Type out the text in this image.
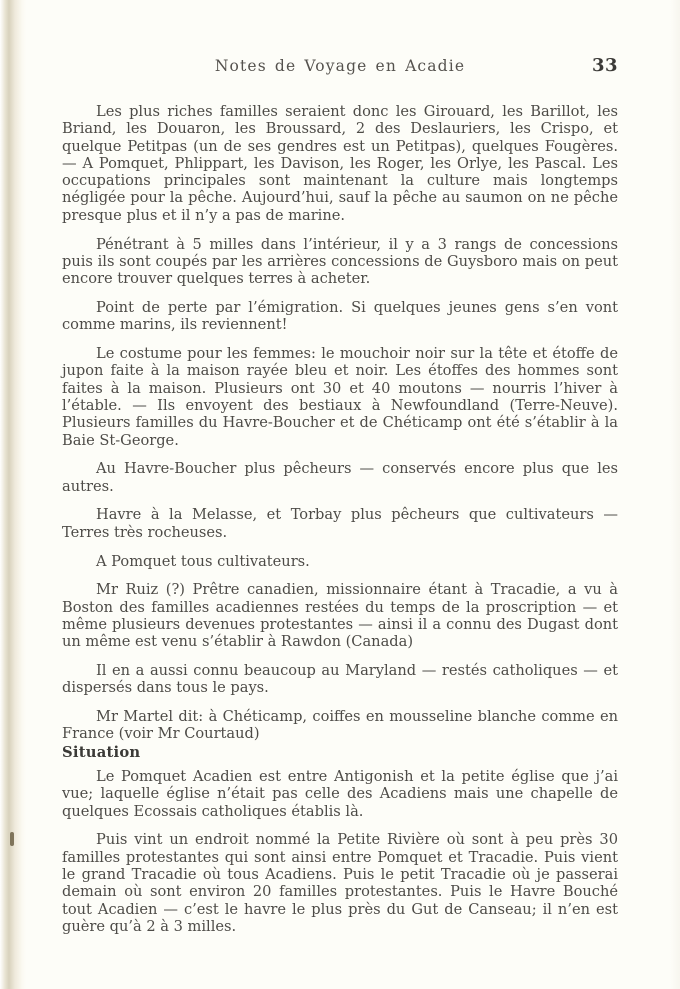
Notes de Voyage en Acadie	33

Les plus riches familles seraient donc les Girouard, les Barillot, les Briand, les Douaron, les Broussard, 2 des Deslauriers, les Crispo, et quelque Petitpas (un de ses gendres est un Petitpas), quelques Fougères. — A Pomquet, Phlippart, les Davison, les Roger, les Orlye, les Pascal. Les occupations principales sont maintenant la culture mais longtemps négligée pour la pêche. Aujourd’hui, sauf la pêche au saumon on ne pêche presque plus et il n’y a pas de marine.

Pénétrant à 5 milles dans l’intérieur, il y a 3 rangs de concessions puis ils sont coupés par les arrières concessions de Guysboro mais on peut encore trouver quelques terres à acheter.

Point de perte par l’émigration. Si quelques jeunes gens s’en vont comme marins, ils reviennent!

Le costume pour les femmes: le mouchoir noir sur la tête et étoffe de jupon faite à la maison rayée bleu et noir. Les étoffes des hommes sont faites à la maison. Plusieurs ont 30 et 40 moutons — nourris l’hiver à l’étable. — Ils envoyent des bestiaux à Newfoundland (Terre-Neuve). Plusieurs familles du Havre-Boucher et de Chéticamp ont été s’établir à la Baie St-George.

Au Havre-Boucher plus pêcheurs — conservés encore plus que les autres.

Havre à la Melasse, et Torbay plus pêcheurs que cultivateurs — Terres très rocheuses.

A Pomquet tous cultivateurs.

Mr Ruiz (?) Prêtre canadien, missionnaire étant à Tracadie, a vu à Boston des familles acadiennes restées du temps de la proscription — et même plusieurs devenues protestantes — ainsi il a connu des Dugast dont un même est venu s’établir à Rawdon (Canada)

Il en a aussi connu beaucoup au Maryland — restés catholiques — et dispersés dans tous le pays.

Mr Martel dit: à Chéticamp, coiffes en mousseline blanche comme en France (voir Mr Courtaud)

Situation

Le Pomquet Acadien est entre Antigonish et la petite église que j’ai vue; laquelle église n’était pas celle des Acadiens mais une chapelle de quelques Ecossais catholiques établis là.

Puis vint un endroit nommé la Petite Rivière où sont à peu près 30 familles protestantes qui sont ainsi entre Pomquet et Tracadie. Puis vient le grand Tracadie où tous Acadiens. Puis le petit Tracadie où je passerai demain où sont environ 20 familles protestantes. Puis le Havre Bouché tout Acadien — c’est le havre le plus près du Gut de Canseau; il n’en est guère qu’à 2 à 3 milles.
